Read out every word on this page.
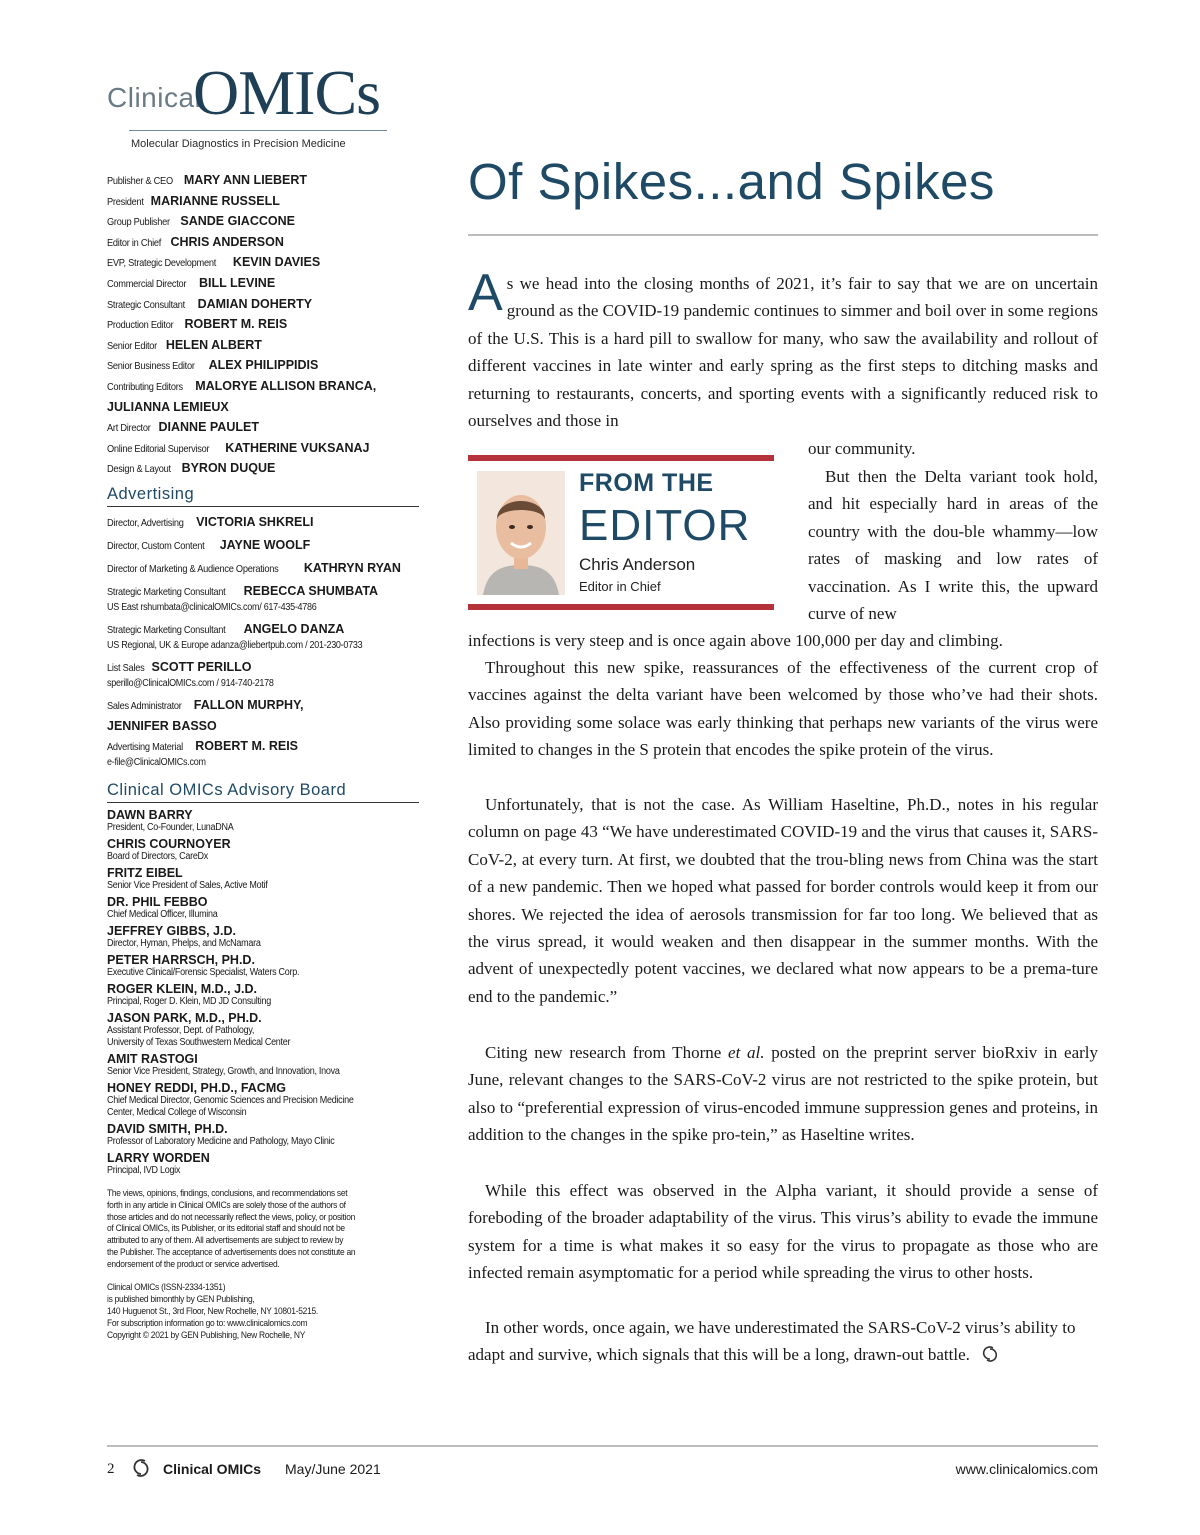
Clinical
OMICs
Molecular Diagnostics in Precision Medicine
Publisher & CEO MARY ANN LIEBERT
President MARIANNE RUSSELL
Group Publisher SANDE GIACCONE
Editor in Chief CHRIS ANDERSON
EVP, Strategic Development KEVIN DAVIES
Commercial Director BILL LEVINE
Strategic Consultant DAMIAN DOHERTY
Production Editor ROBERT M. REIS
Senior Editor HELEN ALBERT
Senior Business Editor ALEX PHILIPPIDIS
Contributing Editors MALORYE ALLISON BRANCA,
JULIANNA LEMIEUX
Art Director DIANNE PAULET
Online Editorial Supervisor KATHERINE VUKSANAJ
Design & Layout BYRON DUQUE
Advertising
Director, Advertising VICTORIA SHKRELI
Director, Custom Content JAYNE WOOLF
Director of Marketing & Audience Operations KATHRYN RYAN
Strategic Marketing Consultant REBECCA SHUMBATA
US East rshumbata@clinicalOMICs.com/ 617-435-4786
Strategic Marketing Consultant ANGELO DANZA
US Regional, UK & Europe adanza@liebertpub.com / 201-230-0733
List Sales SCOTT PERILLO
sperillo@ClinicalOMICs.com / 914-740-2178
Sales Administrator FALLON MURPHY,
JENNIFER BASSO
Advertising Material ROBERT M. REIS
e-file@ClinicalOMICs.com
Clinical OMICs Advisory Board
DAWN BARRY
President, Co-Founder, LunaDNA
CHRIS COURNOYER
Board of Directors, CareDx
FRITZ EIBEL
Senior Vice President of Sales, Active Motif
DR. PHIL FEBBO
Chief Medical Officer, Illumina
JEFFREY GIBBS, J.D.
Director, Hyman, Phelps, and McNamara
PETER HARRSCH, PH.D.
Executive Clinical/Forensic Specialist, Waters Corp.
ROGER KLEIN, M.D., J.D.
Principal, Roger D. Klein, MD JD Consulting
JASON PARK, M.D., PH.D.
Assistant Professor, Dept. of Pathology,
University of Texas Southwestern Medical Center
AMIT RASTOGI
Senior Vice President, Strategy, Growth, and Innovation, Inova
HONEY REDDI, PH.D., FACMG
Chief Medical Director, Genomic Sciences and Precision Medicine
Center, Medical College of Wisconsin
DAVID SMITH, PH.D.
Professor of Laboratory Medicine and Pathology, Mayo Clinic
LARRY WORDEN
Principal, IVD Logix
The views, opinions, findings, conclusions, and recommendations set
forth in any article in Clinical OMICs are solely those of the authors of
those articles and do not necessarily reflect the views, policy, or position
of Clinical OMICs, its Publisher, or its editorial staff and should not be
attributed to any of them. All advertisements are subject to review by
the Publisher. The acceptance of advertisements does not constitute an
endorsement of the product or service advertised.
Clinical OMICs (ISSN-2334-1351)
is published bimonthly by GEN Publishing,
140 Huguenot St., 3rd Floor, New Rochelle, NY 10801-5215.
For subscription information go to: www.clinicalomics.com
Copyright © 2021 by GEN Publishing, New Rochelle, NY
Of Spikes...and Spikes

As we head into the closing months of 2021, it’s fair to say that we are on uncertain ground as the COVID-19 pandemic continues to simmer and boil over in some regions of the U.S. This is a hard pill to swallow for many, who saw the availability and rollout of different vaccines in late winter and early spring as the first steps to ditching masks and returning to restaurants, concerts, and sporting events with a significantly reduced risk to ourselves and those in

our community.

FROM THE
EDITOR
Chris Anderson
Editor in Chief

But then the Delta variant took hold, and hit especially hard in areas of the country with the dou-ble whammy—low rates of masking and low rates of vaccination. As I write this, the upward curve of new

infections is very steep and is once again above 100,000 per day and climbing.

Throughout this new spike, reassurances of the effectiveness of the current crop of vaccines against the delta variant have been welcomed by those who’ve had their shots. Also providing some solace was early thinking that perhaps new variants of the virus were limited to changes in the S protein that encodes the spike protein of the virus.

Unfortunately, that is not the case. As William Haseltine, Ph.D., notes in his regular column on page 43 “We have underestimated COVID-19 and the virus that causes it, SARS-CoV-2, at every turn. At first, we doubted that the trou-bling news from China was the start of a new pandemic. Then we hoped what passed for border controls would keep it from our shores. We rejected the idea of aerosols transmission for far too long. We believed that as the virus spread, it would weaken and then disappear in the summer months. With the advent of unexpectedly potent vaccines, we declared what now appears to be a prema-ture end to the pandemic.”

Citing new research from Thorne et al. posted on the preprint server bioRxiv in early June, relevant changes to the SARS-CoV-2 virus are not restricted to the spike protein, but also to “preferential expression of virus-encoded immune suppression genes and proteins, in addition to the changes in the spike pro-tein,” as Haseltine writes.

While this effect was observed in the Alpha variant, it should provide a sense of foreboding of the broader adaptability of the virus. This virus’s ability to evade the immune system for a time is what makes it so easy for the virus to propagate as those who are infected remain asymptomatic for a period while spreading the virus to other hosts.

In other words, once again, we have underestimated the SARS-CoV-2 virus’s ability to adapt and survive, which signals that this will be a long, drawn-out battle.

2	Clinical OMICs May/June 2021	www.clinicalomics.com
